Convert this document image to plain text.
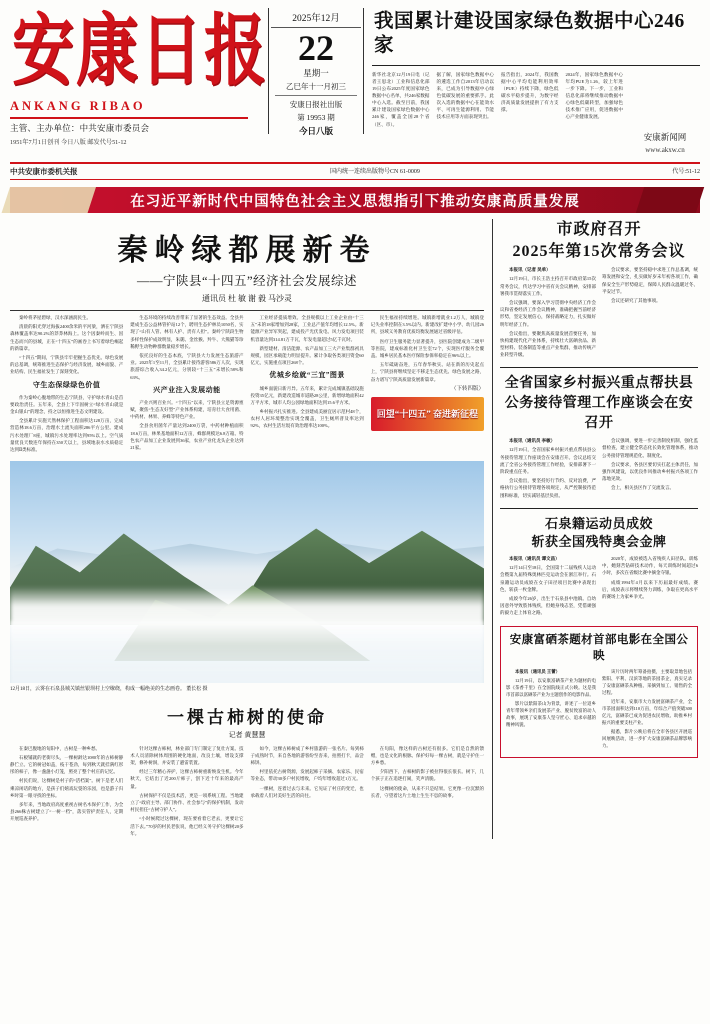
安康日报
ANKANG RIBAO
主管、主办单位：中共安康市委员会
1951年7月1日创刊 今日八版 邮发代号51-12
2025年12月
22
星期一
乙巳年十一月初三
安康日报社出版
第 19953 期
今日八版
我国累计建设国家绿色数据中心246家
新华社北京12月19日电（记者王思北）工业和信息化部19日公布2025年度国家绿色数据中心名单，共246家数据中心入选。截至目前，我国累计建设国家绿色数据中心246家，覆盖全国28个省（区、市）。
据了解，国家绿色数据中心的遴选工作自2013年启动以来，已成为引导数据中心绿色低碳发展的重要抓手。此次入选的数据中心在能效水平、可再生能源利用、节能技术应用等方面表现突出。
报告指出，2024年，我国数据中心平均电能利用效率（PUE）持续下降，绿色低碳水平稳步提升，为数字经济高质量发展提供了有力支撑。
2024年，国家绿色数据中心年均PUE为1.26，较上年进一步下降。下一步，工业和信息化部将继续推动数据中心绿色低碳转型，加强绿色技术推广应用，促进数据中心产业健康发展。
安康新闻网
www.akxw.cn
中共安康市委机关报	国内统一连续出版物号CN 61-0009	代号:51-12
在习近平新时代中国特色社会主义思想指引下推动安康高质量发展
秦岭绿都展新卷
——宁陕县“十四五”经济社会发展综述
通讯员 杜 敏 谢 毅 马沙灵

秦岭将茅屋碧绿，汉水深涵润民生。

清晨的阳光穿过海拔2400余米的平河梁，洒在宁陕县森林覆盖率达90.2%的莽莽林海上。这个因秦岭而生、因生态而兴的县城，正在“十四五”的画卷上书写着绿色崛起的新篇章。

“十四五”期间，宁陕县牢牢把握生态优先、绿色发展的总基调，统筹推进生态保护与经济发展，城乡面貌、产业结构、民生福祉发生了深刻变化。

守生态保绿绿色价值

作为秦岭心腹地带的生态宁陕县，守护绿水青山是首要政治责任。五年来，全县上下牢固树立“绿水青山就是金山银山”的理念，持之以恒推进生态文明建设。

全县累计实施天然林保护工程面积达128万亩，完成营造林18.6万亩，治理水土流失面积286平方公里。建成污水处理厂8座，城镇污水处理率达到95%以上。空气质量优良天数连年保持在350天以上，县域地表水水质稳定达到Ⅱ类标准。

生态环境的持续改善带来了显著的生态效益。全县共建成生态公益林管护站12个，聘用生态护林员1050名，实现了“山有人管、林有人护、责有人担”。秦岭宁陕段生物多样性保护成效明显，朱鹮、金丝猴、羚牛、大熊猫等珍稀野生动物种群数量稳步增长。

依托良好的生态本底，宁陕县大力发展生态旅游产业。2025年1至11月，全县累计接待游客586万人次，实现旅游综合收入34.2亿元，分别较“十三五”末增长58%和63%。

兴产业注入发展动能

产业兴则百业兴。“十四五”以来，宁陕县立足资源禀赋，聚焦“生态友好型”产业体系构建，培育壮大食用菌、中药材、林果、养蜂等特色产业。

全县食用菌年产量达到2400万袋，中药材种植面积18.6万亩，林果基地面积12万亩，蜂群规模达6.8万箱。特色农产品加工企业发展到36家，农业产业化龙头企业达到21家。

工业经济提质增效。全县规模以上工业企业由“十三五”末的18家增加到28家，工业总产值年均增长12.5%。新能源产业异军突起，建成投产光伏发电、风力发电项目装机容量达到314.81万千瓦，年发电量超过5亿千瓦时。

新型建材、清洁能源、农产品加工三大产业集群初具规模，园区承载能力明显提升。累计争取各类项目资金60亿元，实施重点项目268个。

优城乡绘就“三宜”图景

城乡面貌日新月异。五年来，累计完成城镇基础设施投资35亿元，新建改造城市道路28公里，新增绿地面积42万平方米，城市人均公园绿地面积达到15.6平方米。

乡村振兴扎实推进。全县建成美丽宜居示范村48个，农村人居环境整治实现全覆盖，卫生厕所普及率达到92%，农村生活垃圾有效治理率达100%。

民生福祉持续增进。城镇新增就业1.2万人，城镇登记失业率控制在3.5%以内。新建改扩建中小学、幼儿园26所，县域义务教育优质均衡发展通过省级评估。

医疗卫生服务能力显著提升，县医院创建成为二级甲等医院，建成标准化村卫生室72个，实现医疗服务全覆盖。城乡居民基本医疗保险参保率稳定在96%以上。

五年砥砺奋进，五年春华秋实。站在新的历史起点上，宁陕县将继续坚定不移走生态优先、绿色发展之路，奋力谱写宁陕高质量发展新篇章。

（下转四版）
回望“十四五” 奋进新征程
12月18日，云雾在石泉县城关镇丝银坝村上空缭绕，构成一幅绝美的生态画卷。 董长松 摄
一棵古柿树的使命
记者 黄慧慧

在秦巴腹地的旬阳中，古树是一种乡愁。

石板铺就的老街尽头，一棵树龄达1080年的古柿树静静伫立。它的树冠如盖，枝干苍劲，每到秋天就挂满红彤彤的柿子，像一盏盏小灯笼，照亮了整个村庄的记忆。

村民们说，这棵树是村子的“活档案”。树下是老人们乘凉闲话的地方，是孩子们嬉戏玩耍的乐园，也是游子归乡时第一眼寻找的坐标。

多年来，当地政府高度重视古树名木保护工作，为全县266株古树建立了“一树一档”，落实管护责任人，定期开展巡查养护。

针对这棵古柿树，林业部门专门制定了复壮方案。技术人员清除树体周围的硬化地面，改良土壤，增设支撑架，修补树洞，并安装了避雷装置。

经过三年精心养护，这棵古柿树重新焕发生机。今年秋天，它结出了近200斤柿子，创下近十年来的最高产量。

古树保护不仅是技术活，更是一项系统工程。当地建立了“政府主导、部门协作、社会参与”的保护机制，发动村民担任“古树守护人”。

“小时候爬过这棵树，现在要看着它老去，更要让它活下去。”70岁的村民老张说，他已经义务守护这棵树20多年。

如今，这棵古柿树成了乡村旅游的一张名片。每到柿子成熟时节，来自各地的游客纷至沓来，拍照打卡，品尝柿饼。

村里依托古树资源，发展起柿子采摘、农家乐、民宿等业态，带动30多户村民增收，户均年增收超过1万元。

一棵树，连着过去与未来。它见证了村庄的变迁，也承载着人们对美好生活的向往。

在旬阳，像这样的古树还有很多。它们是自然的馈赠，也是文化的根脉。保护好每一棵古树，就是守护住一方乡愁。

夕阳西下，古柿树的影子被拉得很长很长。树下，几个孩子正在追逐打闹，笑声清脆。

这棵树的使命，从来不只是结果。它更像一位沉默的长者，守望着这片土地上生生不息的故事。

市政府召开
2025年第15次常务会议

本报讯（记者 吴单）

12月19日，市长王浩主持召开市政府第15次常务会议，传达学习中省有关会议精神，安排部署我市贯彻落实工作。

会议强调，要深入学习贯彻中央经济工作会议和省委经济工作会议精神，准确把握当前经济形势，坚定发展信心，保持战略定力，扎实做好明年经济工作。

会议指出，要聚焦高质量发展首要任务，加快构建现代化产业体系，持续壮大富硒食品、新型材料、装备制造等重点产业集群，推动传统产业转型升级。

会议要求，要坚持稳中求进工作总基调，统筹发展和安全，扎实做好岁末年初各项工作，确保安全生产形势稳定，保障人民群众温暖过冬、平安过节。

会议还研究了其他事项。

全省国家乡村振兴重点帮扶县
公务接待管理工作座谈会在安召开

本报讯（通讯员 李敏）

12月19日，全省国家乡村振兴重点帮扶县公务接待管理工作座谈会在安康召开。会议总结交流了全省公务接待管理工作经验，安排部署下一阶段重点任务。

会议指出，要坚持厉行节约、反对浪费，严格执行公务接待管理各项规定，从严控制接待范围和标准，切实减轻基层负担。

会议强调，要进一步完善制度机制，强化监督检查，建立健全常态化长效化管理体系，推动公务接待管理规范化、制度化。

会议要求，各县区要切实扛起主体责任，加强作风建设，以优良作风推动乡村振兴各项工作落地见效。

会上，相关县区作了交流发言。

石泉籍运动员成姣
斩获全国残特奥会金牌

本报讯（通讯员 谭文昌）

12月14日至18日，全国第十二届残疾人运动会暨第九届特殊奥林匹克运动会在浙江举行。石泉籍运动员成姣在女子田径项目比赛中表现出色，斩获一枚金牌。

成姣今年26岁，出生于石泉县中池镇。自幼因意外导致肢体残疾，但她身残志坚，凭借顽强的毅力走上体育之路。

2020年，成姣被选入省残疾人田径队。训练中，她刻苦钻研技术动作，每天训练时间超过6小时，多次在省级比赛中摘金夺银。

成绩1994年4月以来下历届最好成绩。赛后，成姣表示将继续努力训练，争取在更高水平的赛场上为家乡争光。

安康富硒茶题材首部电影在全国公映

本报讯（通讯员 王蕾）

12月19日，以安康富硒茶产业为题材的电影《茶香千里》在全国院线正式公映。这是我市首部以富硒茶产业为主题创作的电影作品。

影片以紫阳茶山为背景，讲述了一位返乡青年带领乡亲们发展茶产业、脱贫致富的动人故事，展现了安康茶人坚守匠心、追求卓越的精神风貌。

该片历时两年筹备拍摄，主要取景地包括紫阳、平利、汉滨等地的茶园茶企，真实记录了安康富硒茶从种植、采摘到加工、销售的全过程。

近年来，安康市大力发展富硒茶产业，全市茶园面积达到110万亩，年综合产值突破300亿元，富硒茶已成为促进农民增收、助推乡村振兴的重要支柱产业。

据悉，影片公映后将在全市各县区开展巡回展映活动，进一步扩大安康富硒茶品牌影响力。
